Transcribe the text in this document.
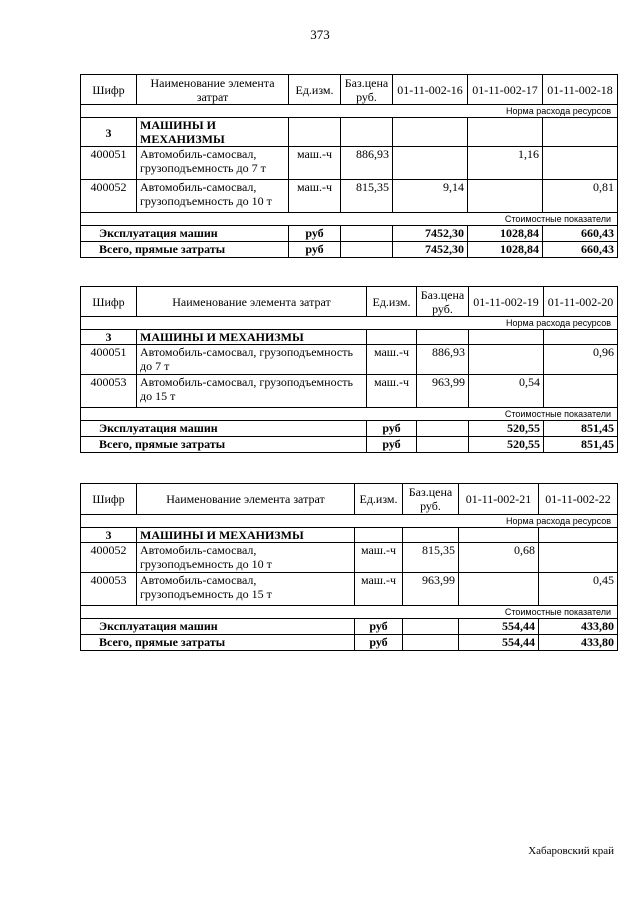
373
Шифр	Наименование элемента затрат	Ед.изм.	Баз.цена руб.	01-11-002-16	01-11-002-17	01-11-002-18
Норма расхода ресурсов						
3	МАШИНЫ И МЕХАНИЗМЫ					
400051	Автомобиль-самосвал, грузоподъемность до 7 т	маш.-ч	886,93		1,16	
400052	Автомобиль-самосвал, грузоподъемность до 10 т	маш.-ч	815,35	9,14		0,81
Стоимостные показатели						
Эксплуатация машин		руб		7452,30	1028,84	660,43
Всего, прямые затраты		руб		7452,30	1028,84	660,43
Шифр	Наименование элемента затрат	Ед.изм.	Баз.цена руб.	01-11-002-19	01-11-002-20
Норма расхода ресурсов					
3	МАШИНЫ И МЕХАНИЗМЫ				
400051	Автомобиль-самосвал, грузоподъемность до 7 т	маш.-ч	886,93		0,96
400053	Автомобиль-самосвал, грузоподъемность до 15 т	маш.-ч	963,99	0,54	
Стоимостные показатели					
Эксплуатация машин		руб		520,55	851,45
Всего, прямые затраты		руб		520,55	851,45
Шифр	Наименование элемента затрат	Ед.изм.	Баз.цена руб.	01-11-002-21	01-11-002-22
Норма расхода ресурсов					
3	МАШИНЫ И МЕХАНИЗМЫ				
400052	Автомобиль-самосвал, грузоподъемность до 10 т	маш.-ч	815,35	0,68	
400053	Автомобиль-самосвал, грузоподъемность до 15 т	маш.-ч	963,99		0,45
Стоимостные показатели					
Эксплуатация машин		руб		554,44	433,80
Всего, прямые затраты		руб		554,44	433,80
Хабаровский край
